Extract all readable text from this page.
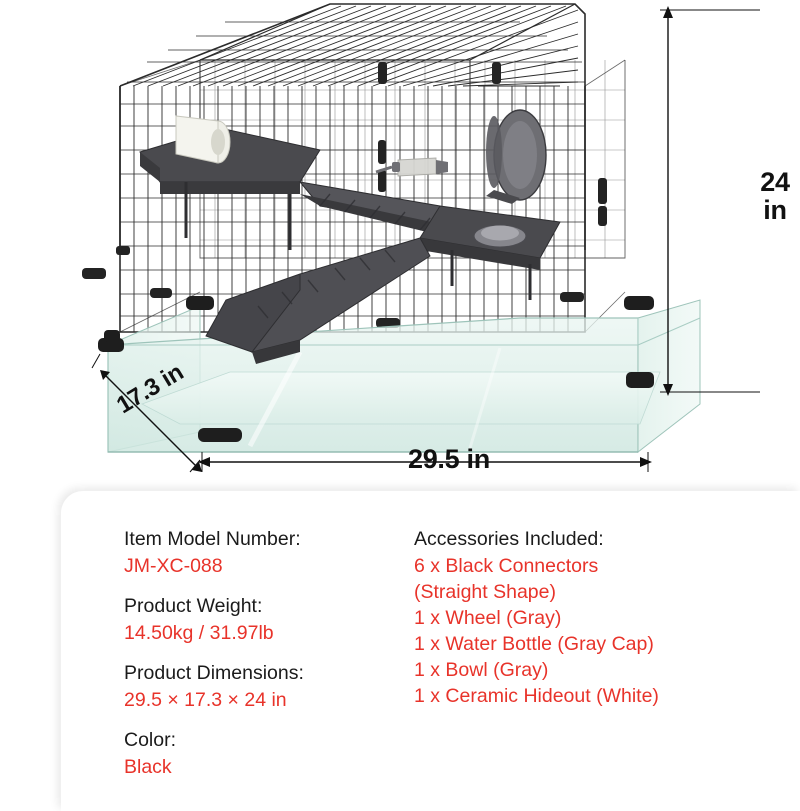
24 in
29.5 in
17.3 in
Item Model Number:
JM-XC-088
Product Weight:
14.50kg / 31.97lb
Product Dimensions:
29.5 × 17.3 × 24 in
Color:
Black
Accessories Included:
6 x Black Connectors
(Straight Shape)
1 x Wheel (Gray)
1 x Water Bottle (Gray Cap)
1 x Bowl (Gray)
1 x Ceramic Hideout (White)
